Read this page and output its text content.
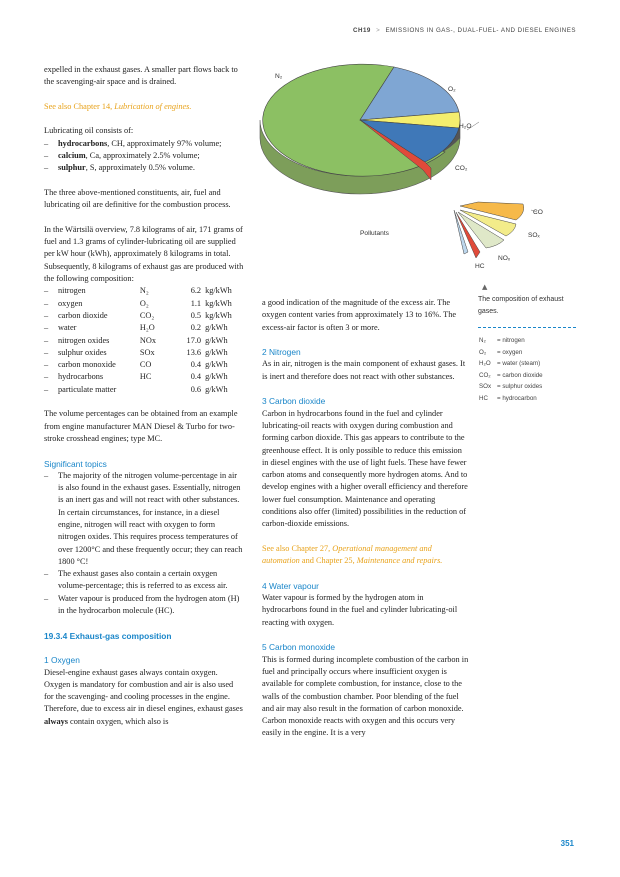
CH19 > EMISSIONS IN GAS-, DUAL-FUEL- AND DIESEL ENGINES

expelled in the exhaust gases. A smaller part flows back to the scavenging-air space and is drained.

See also Chapter 14, Lubrication of engines.

Lubricating oil consists of:
– hydrocarbons, CH, approximately 97% volume;
– calcium, Ca, approximately 2.5% volume;
– sulphur, S, approximately 0.5% volume.

The three above-mentioned constituents, air, fuel and lubricating oil are definitive for the combustion process.

In the Wärtsilä overview, 7.8 kilograms of air, 171 grams of fuel and 1.3 grams of cylinder-lubricating oil are supplied per kW hour (kWh), approximately 8 kilograms in total. Subsequently, 8 kilograms of exhaust gas are produced with the following composition:

– nitrogen	N₂	6.2	kg/kWh
– oxygen	O₂	1.1	kg/kWh
– carbon dioxide	CO₂	0.5	kg/kWh
– water	H₂O	0.2	g/kWh
– nitrogen oxides	NOx	17.0	g/kWh
– sulphur oxides	SOx	13.6	g/kWh
– carbon monoxide	CO	0.4	g/kWh
– hydrocarbons	HC	0.4	g/kWh
– particulate matter		0.6	g/kWh

The volume percentages can be obtained from an example from engine manufacturer MAN Diesel & Turbo for two-stroke crosshead engines; type MC.

Significant topics
– The majority of the nitrogen volume-percentage in air is also found in the exhaust gases. Essentially, nitrogen is an inert gas and will not react with other substances. In certain circumstances, for instance, in a diesel engine, nitrogen will react with oxygen to form nitrogen oxides. This requires process temperatures of over 1200°C and these frequently occur; they can reach 1800 °C!
– The exhaust gases also contain a certain oxygen volume-percentage; this is referred to as excess air.
– Water vapour is produced from the hydrogen atom (H) in the hydrocarbon molecule (HC).
19.3.4 Exhaust-gas composition
1 Oxygen

Diesel-engine exhaust gases always contain oxygen. Oxygen is mandatory for combustion and air is also used for the scavenging- and cooling processes in the engine. Therefore, due to excess air in diesel engines, exhaust gases always contain oxygen, which also is

a good indication of the magnitude of the excess air. The oxygen content varies from approximately 13 to 16%. The excess-air factor is often 3 or more.

2 Nitrogen

As in air, nitrogen is the main component of exhaust gases. It is inert and therefore does not react with other substances.

3 Carbon dioxide

Carbon in hydrocarbons found in the fuel and cylinder lubricating-oil reacts with oxygen during combustion and forming carbon dioxide. This gas appears to contribute to the greenhouse effect. It is only possible to reduce this emission in diesel engines with the use of light fuels. These have fewer carbon atoms and consequently more hydrogen atoms. And to develop engines with a higher overall efficiency and therefore lower fuel consumption. Maintenance and operating conditions also offer (limited) possibilities in the reduction of carbon-dioxide emissions.

See also Chapter 27, Operational management and automation and Chapter 25, Maintenance and repairs.

4 Water vapour

Water vapour is formed by the hydrogen atom in hydrocarbons found in the fuel and cylinder lubricating-oil reacting with oxygen.

5 Carbon monoxide

This is formed during incomplete combustion of the carbon in fuel and principally occurs where insufficient oxygen is available for complete combustion, for instance, close to the walls of the combustion chamber. Poor blending of the fuel and air may also result in the formation of carbon monoxide. Carbon monoxide reacts with oxygen and this occurs very easily in the engine. It is a very

N₂
O₂
H₂O
CO₂
Pollutants
CO
SOₓ
NOₓ
HC
▲
The composition of exhaust gases.
N₂ = nitrogen
O₂ = oxygen
H₂O = water (steam)
CO₂ = carbon dioxide
SOx = sulphur oxides
HC = hydrocarbon
351
